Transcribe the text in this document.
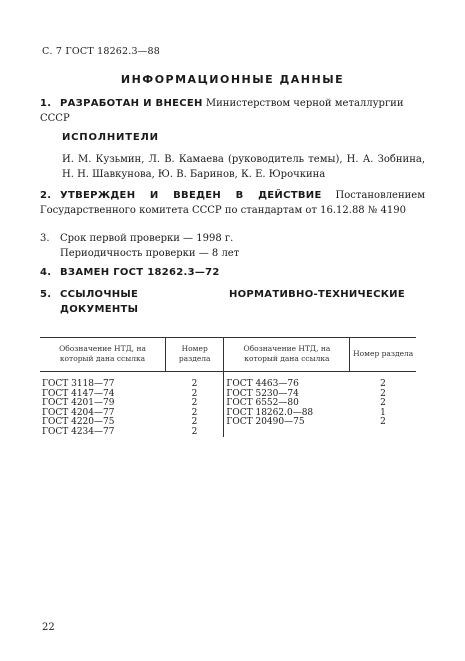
С. 7 ГОСТ 18262.3—88
ИНФОРМАЦИОННЫЕ ДАННЫЕ
1. РАЗРАБОТАН И ВНЕСЕН Министерством черной металлургии СССР
ИСПОЛНИТЕЛИ
И. М. Кузьмин, Л. В. Камаева (руководитель темы), Н. А. Зобнина, Н. Н. Шавкунова, Ю. В. Баринов, К. Е. Юрочкина
2. УТВЕРЖДЕН И ВВЕДЕН В ДЕЙСТВИЕ Постановлением Государственного комитета СССР по стандартам от 16.12.88 № 4190
3. Срок первой проверки — 1998 г.
Периодичность проверки — 8 лет
4. ВЗАМЕН ГОСТ 18262.3—72
5. ССЫЛОЧНЫЕ НОРМАТИВНО-ТЕХНИЧЕСКИЕ ДОКУМЕНТЫ
Обозначение НТД, на который дана ссылка	Номер раздела	Обозначение НТД, на который дана ссылка	Номер раздела
ГОСТ 3118—77	2	ГОСТ 4463—76	2
ГОСТ 4147—74	2	ГОСТ 5230—74	2
ГОСТ 4201—79	2	ГОСТ 6552—80	2
ГОСТ 4204—77	2	ГОСТ 18262.0—88	1
ГОСТ 4220—75	2	ГОСТ 20490—75	2
ГОСТ 4234—77	2		
22
